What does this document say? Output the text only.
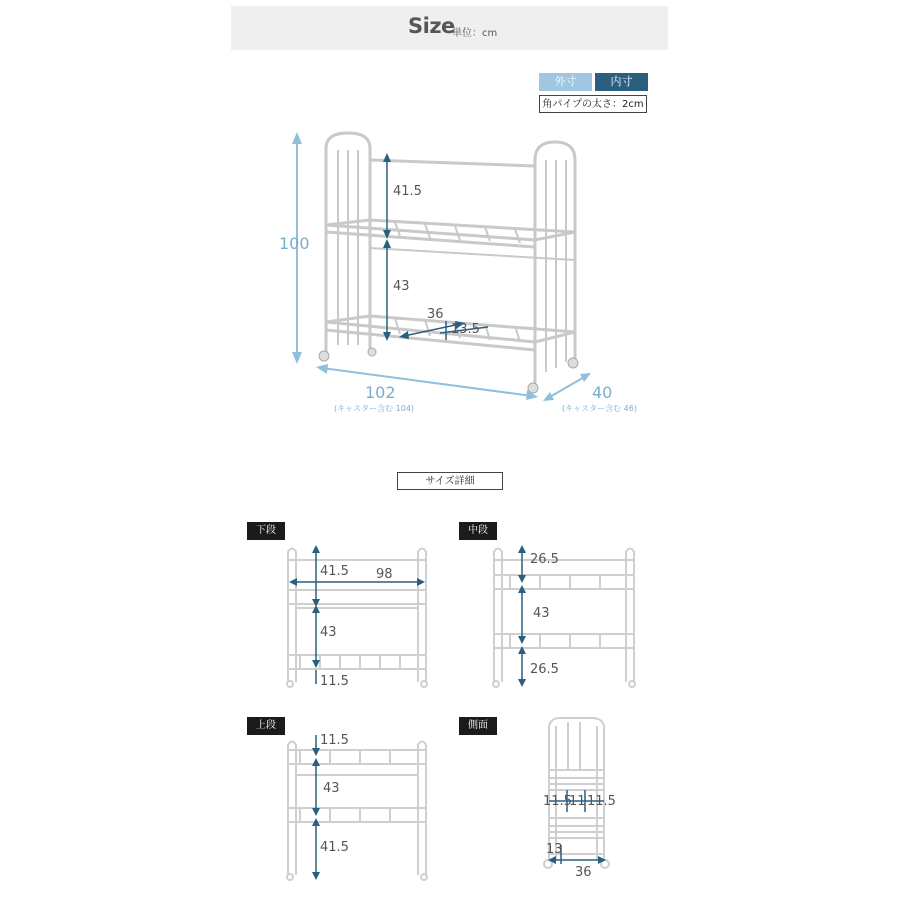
Size
単位：cm
外寸	内寸
角パイプの太さ：2cm
100
102
(キャスター含む 104)
40
(キャスター含む 46)
41.5
43
36
13.5
サイズ詳細
下段	中段
上段	側面
41.5 98
43
11.5
26.5
43
26.5
11.5
43
41.5
11.5
11 11.5
13
36
